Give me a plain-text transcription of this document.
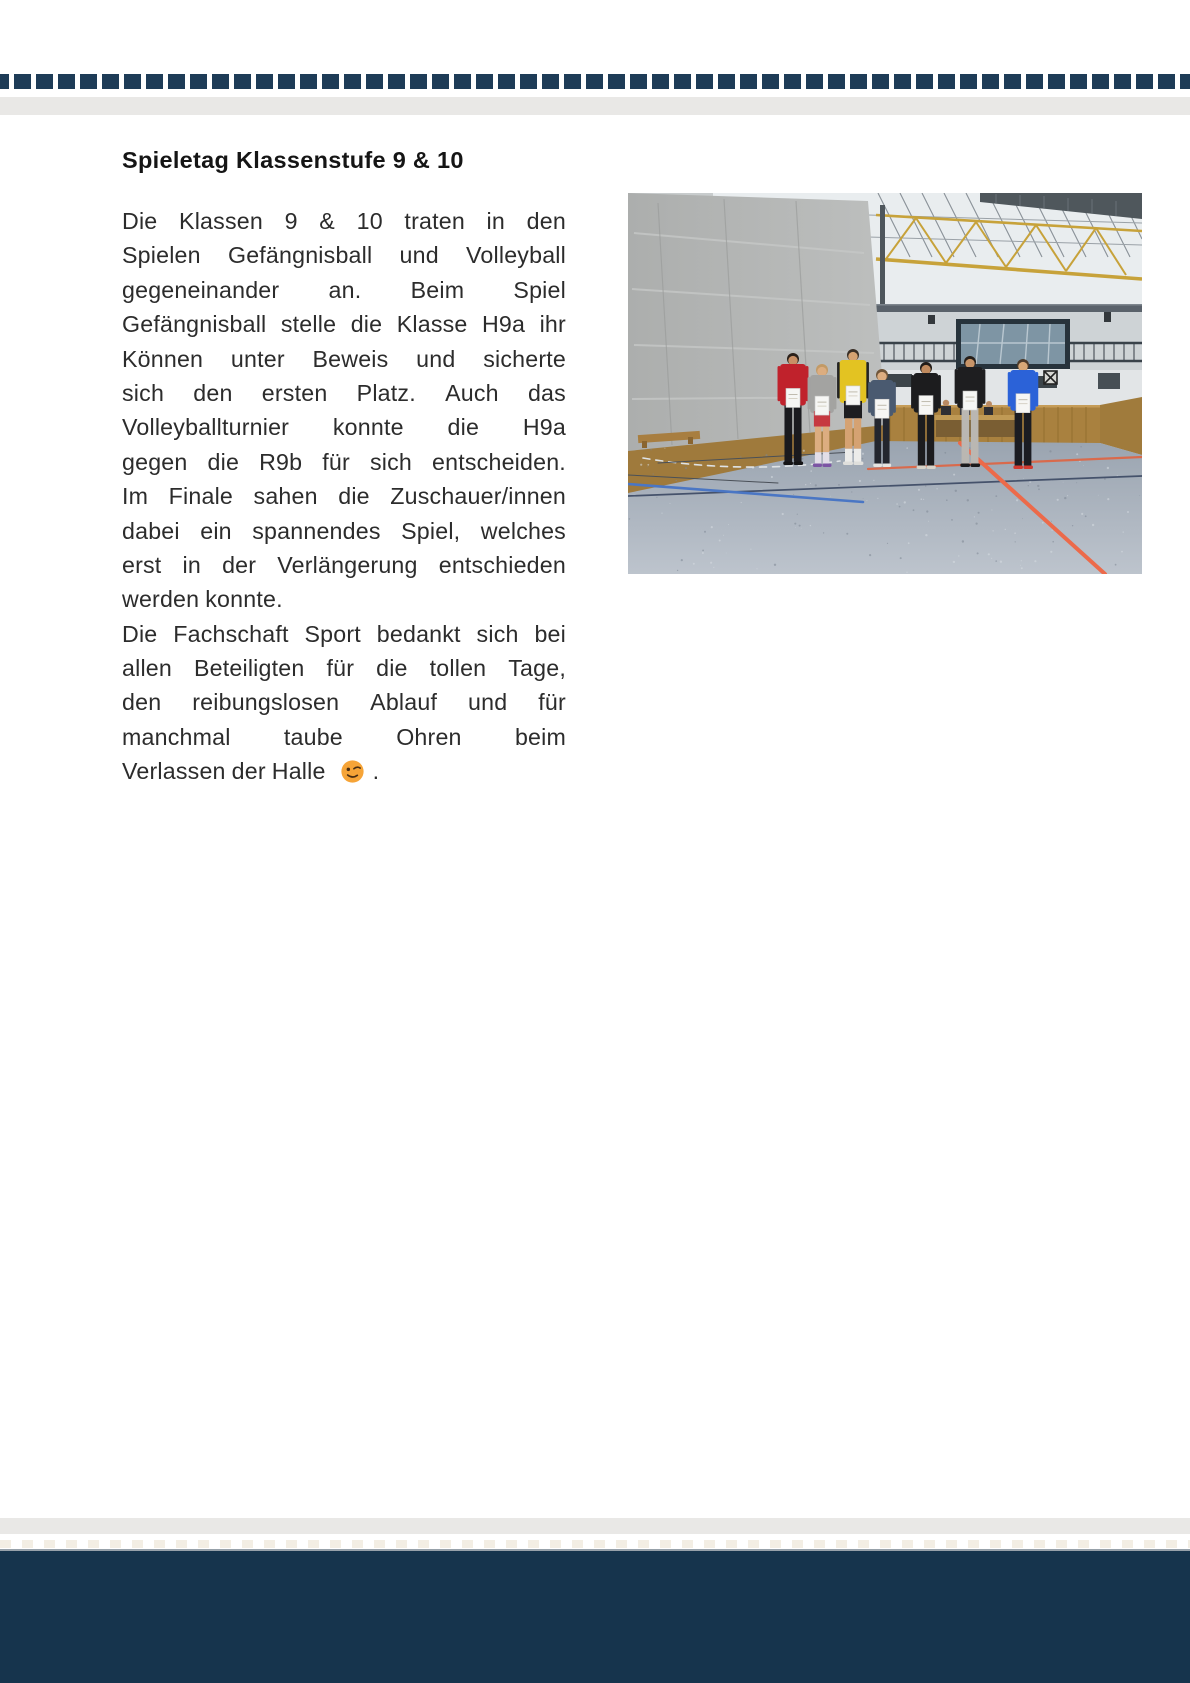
Spieletag Klassenstufe 9 & 10
Die Klassen 9 & 10 traten in den
Spielen Gefängnisball und Volleyball
gegeneinander an. Beim Spiel
Gefängnisball stelle die Klasse H9a ihr
Können unter Beweis und sicherte
sich den ersten Platz. Auch das
Volleyballturnier konnte die H9a
gegen die R9b für sich entscheiden.
Im Finale sahen die Zuschauer/innen
dabei ein spannendes Spiel, welches
erst in der Verlängerung entschieden
werden konnte.
Die Fachschaft Sport bedankt sich bei
allen Beteiligten für die tollen Tage,
den reibungslosen Ablauf und für
manchmal taube Ohren beim
Verlassen der Halle .
